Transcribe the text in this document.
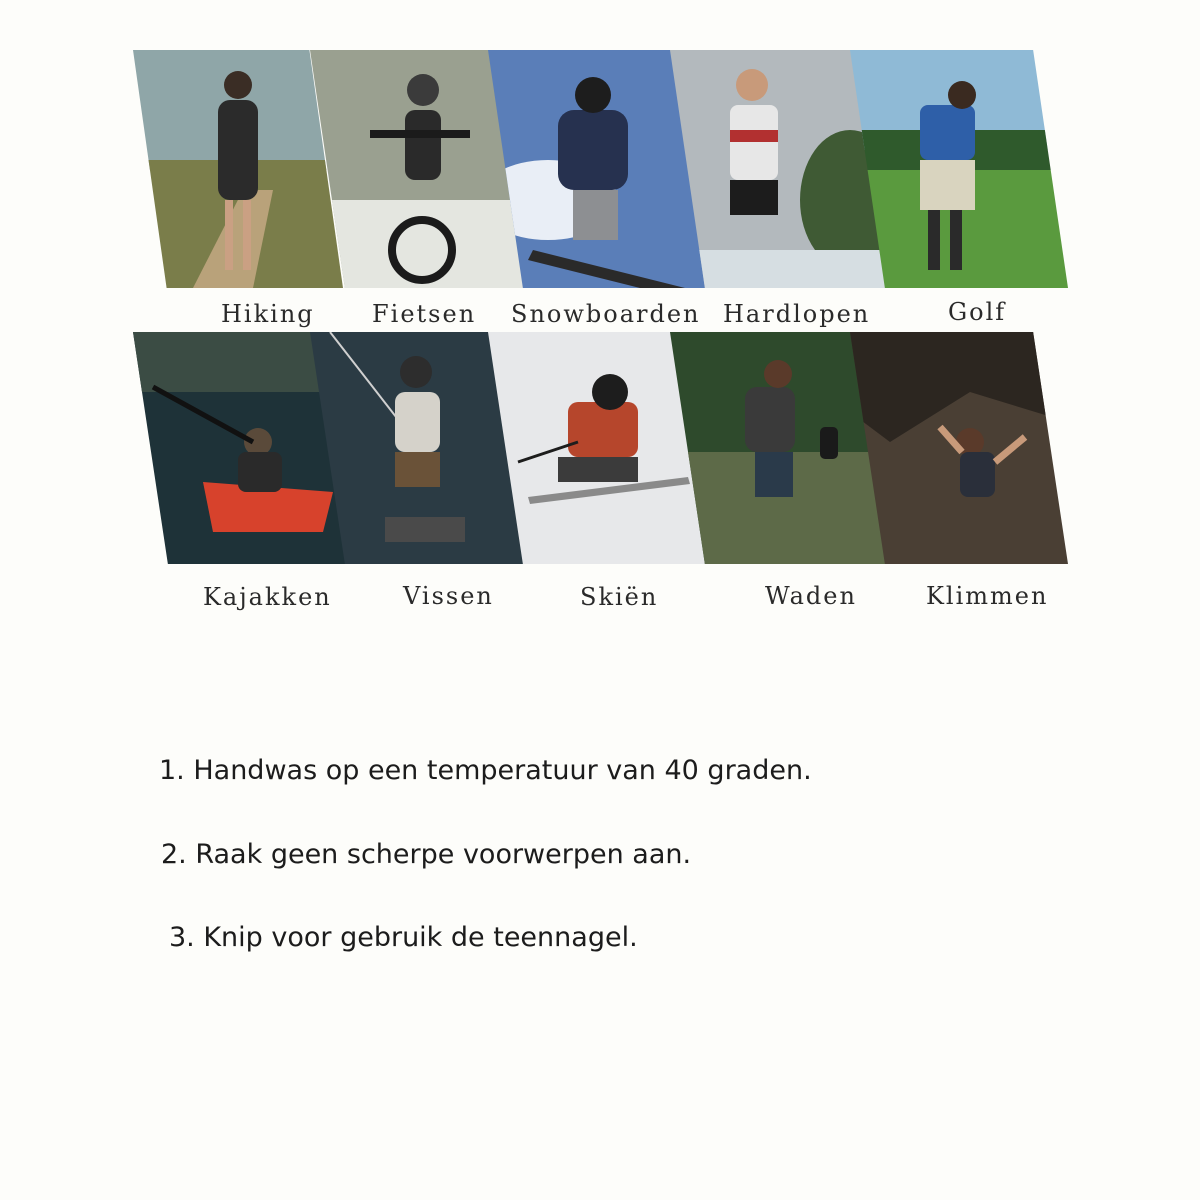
Hiking Fietsen Snowboarden Hardlopen	Golf
Kajakken	Vissen	Skiën	Waden	Klimmen
1. Handwas op een temperatuur van 40 graden.
2. Raak geen scherpe voorwerpen aan.
3. Knip voor gebruik de teennagel.
